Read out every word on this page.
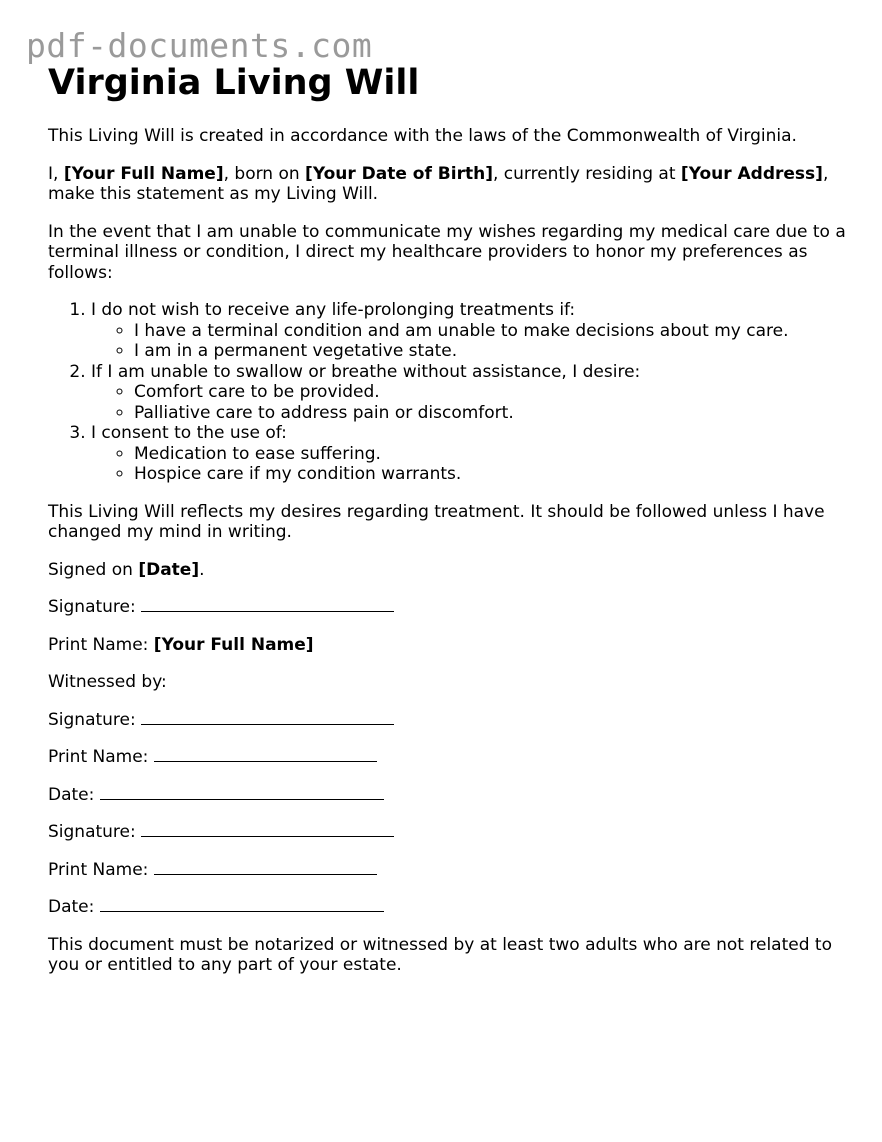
pdf-documents.com
Virginia Living Will

This Living Will is created in accordance with the laws of the Commonwealth of Virginia.

I, [Your Full Name], born on [Your Date of Birth], currently residing at [Your Address], make this statement as my Living Will.

In the event that I am unable to communicate my wishes regarding my medical care due to a terminal illness or condition, I direct my healthcare providers to honor my preferences as follows:

1. I do not wish to receive any life-prolonging treatments if:
◦ I have a terminal condition and am unable to make decisions about my care.
◦ I am in a permanent vegetative state.
2. If I am unable to swallow or breathe without assistance, I desire:
◦ Comfort care to be provided.
◦ Palliative care to address pain or discomfort.
3. I consent to the use of:
◦ Medication to ease suffering.
◦ Hospice care if my condition warrants.

This Living Will reflects my desires regarding treatment. It should be followed unless I have changed my mind in writing.

Signed on [Date].

Signature:

Print Name: [Your Full Name]

Witnessed by:

Signature:

Print Name:

Date:

Signature:

Print Name:

Date:

This document must be notarized or witnessed by at least two adults who are not related to you or entitled to any part of your estate.
